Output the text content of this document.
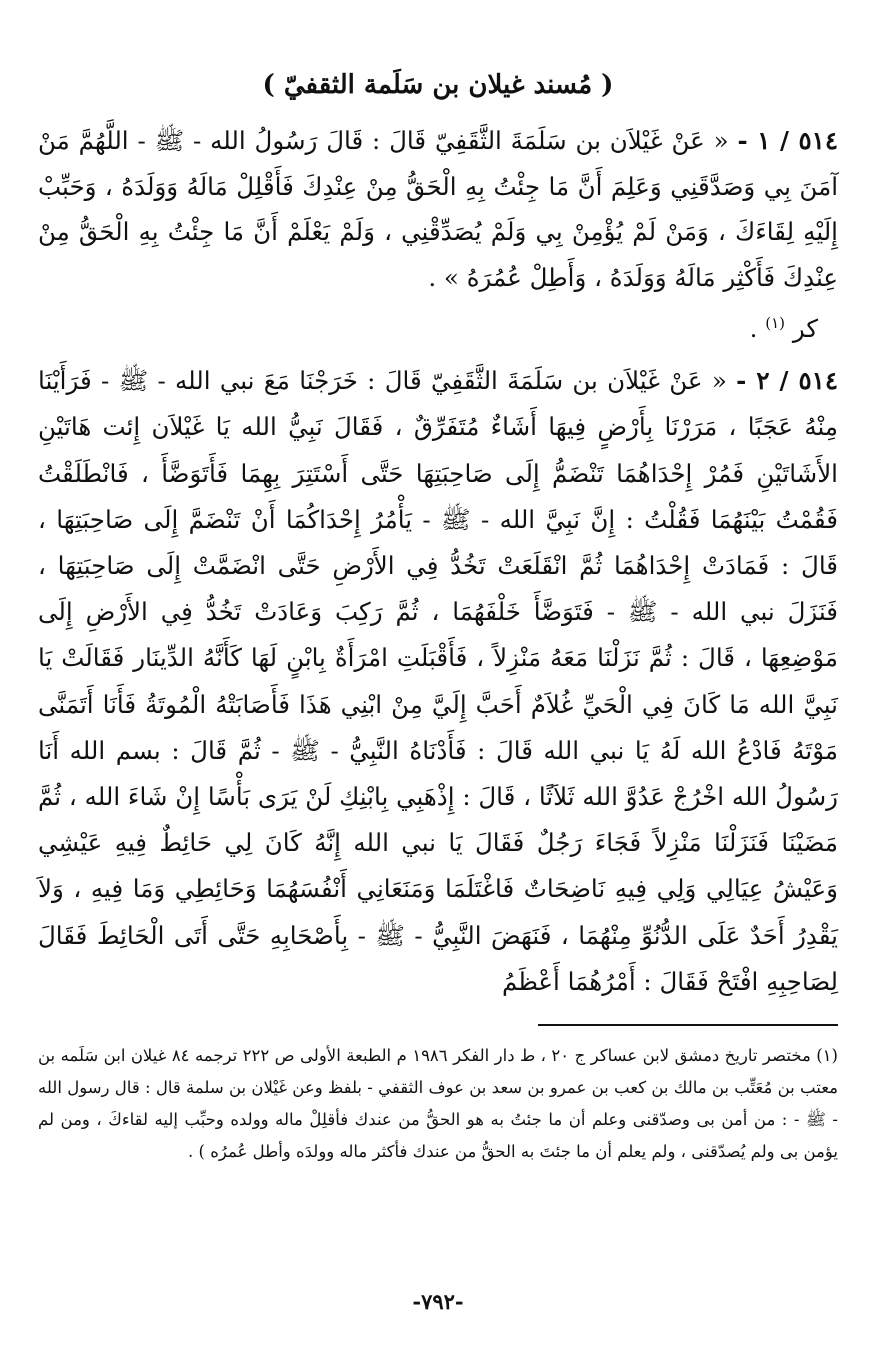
( مُسند غيلان بن سَلَمة الثقفيّ )

٥١٤ / ١ - « عَنْ غَيْلاَن بن سَلَمَةَ الثَّقَفِيّ قَالَ : قَالَ رَسُولُ الله - ﷺ - اللَّهُمَّ مَنْ آمَنَ بِي وَصَدَّقَنِي وَعَلِمَ أَنَّ مَا جِئْتُ بِهِ الْحَقُّ مِنْ عِنْدِكَ فَأَقْلِلْ مَالَهُ وَوَلَدَهُ ، وَحَبِّبْ إِلَيْهِ لِقَاءَكَ ، وَمَنْ لَمْ يُؤْمِنْ بِي وَلَمْ يُصَدِّقْنِي ، وَلَمْ يَعْلَمْ أَنَّ مَا جِئْتُ بِهِ الْحَقُّ مِنْ عِنْدِكَ فَأَكْثِر مَالَهُ وَوَلَدَهُ ، وَأَطِلْ عُمُرَهُ » .

كر $^{(١)}$ .

٥١٤ / ٢ - « عَنْ غَيْلاَن بن سَلَمَةَ الثَّقَفِيّ قَالَ : خَرَجْنَا مَعَ نبي الله - ﷺ - فَرَأَيْنَا مِنْهُ عَجَبًا ، مَرَرْنَا بِأَرْضٍ فِيهَا أَشَاءٌ مُتَفَرِّقٌ ، فَقَالَ نَبِيُّ الله يَا غَيْلاَن إِئت هَاتَيْنِ الأَشَاتَيْنِ فَمُرْ إِحْدَاهُمَا تَنْضَمُّ إِلَى صَاحِبَتِهَا حَتَّى أَسْتَتِرَ بِهِمَا فَأَتَوَضَّأَ ، فَانْطَلَقْتُ فَقُمْتُ بَيْنَهُمَا فَقُلْتُ : إِنَّ نَبِيَّ الله - ﷺ - يَأْمُرُ إِحْدَاكُمَا أَنْ تَنْضَمَّ إِلَى صَاحِبَتِهَا ، قَالَ : فَمَادَتْ إِحْدَاهُمَا ثُمَّ انْقَلَعَتْ تَخُدُّ فِي الأَرْضِ حَتَّى انْضَمَّتْ إِلَى صَاحِبَتِهَا ، فَنَزَلَ نبي الله - ﷺ - فَتَوَضَّأَ خَلْفَهُمَا ، ثُمَّ رَكِبَ وَعَادَتْ تَخُدُّ فِي الأَرْضِ إِلَى مَوْضِعِهَا ، قَالَ : ثُمَّ نَزَلْنَا مَعَهُ مَنْزِلاً ، فَأَقْبَلَتِ امْرَأَةٌ بِابْنٍ لَهَا كَأَنَّهُ الدِّينَار فَقَالَتْ يَا نَبِيَّ الله مَا كَانَ فِي الْحَيِّ غُلاَمٌ أَحَبَّ إِلَيَّ مِنْ ابْنِي هَذَا فَأَصَابَتْهُ الْمُوتَةُ فَأَنَا أَتَمَنَّى مَوْتَهُ فَادْعُ الله لَهُ يَا نبي الله قَالَ : فَأَدْنَاهُ النَّبِيُّ - ﷺ - ثُمَّ قَالَ : بسم الله أَنَا رَسُولُ الله اخْرُجْ عَدُوَّ الله ثَلاَثًا ، قَالَ : إِذْهَبِي بِابْنِكِ لَنْ يَرَى بَأْسًا إِنْ شَاءَ الله ، ثُمَّ مَضَيْنَا فَنَزَلْنَا مَنْزِلاً فَجَاءَ رَجُلٌ فَقَالَ يَا نبي الله إِنَّهُ كَانَ لِي حَائِطٌ فِيهِ عَيْشِي وَعَيْشُ عِيَالِي وَلِي فِيهِ نَاضِحَاتٌ فَاغْتَلَمَا وَمَنَعَانِي أَنْفُسَهُمَا وَحَائِطِي وَمَا فِيهِ ، وَلاَ يَقْدِرُ أَحَدٌ عَلَى الدُّنُوِّ مِنْهُمَا ، فَنَهَضَ النَّبِيُّ - ﷺ - بِأَصْحَابِهِ حَتَّى أَتَى الْحَائِطَ فَقَالَ لِصَاحِبِهِ افْتَحْ فَقَالَ : أَمْرُهُمَا أَعْظَمُ

(١) مختصر تاريخ دمشق لابن عساكر ج ٢٠ ، ط دار الفكر ١٩٨٦ م الطبعة الأولى ص ٢٢٢ ترجمه ٨٤ غيلان ابن سَلَمه بن معتب بن مُعَتِّب بن مالك بن كعب بن عمرو بن سعد بن عوف الثقفي - بلفظ وعن غَيْلان بن سلمة قال : قال رسول الله - ﷺ - : من أمن بى وصدّقنى وعلم أن ما جئتُ به هو الحقُّ من عندك فأقلِلْ ماله وولده وحبِّب إليه لقاءكَ ، ومن لم يؤمن بى ولم يُصدّقنى ، ولم يعلم أن ما جئتَ به الحقُّ من عندك فأكثر ماله وولدَه وأطل عُمرُه ) .

-٧٩٢-
